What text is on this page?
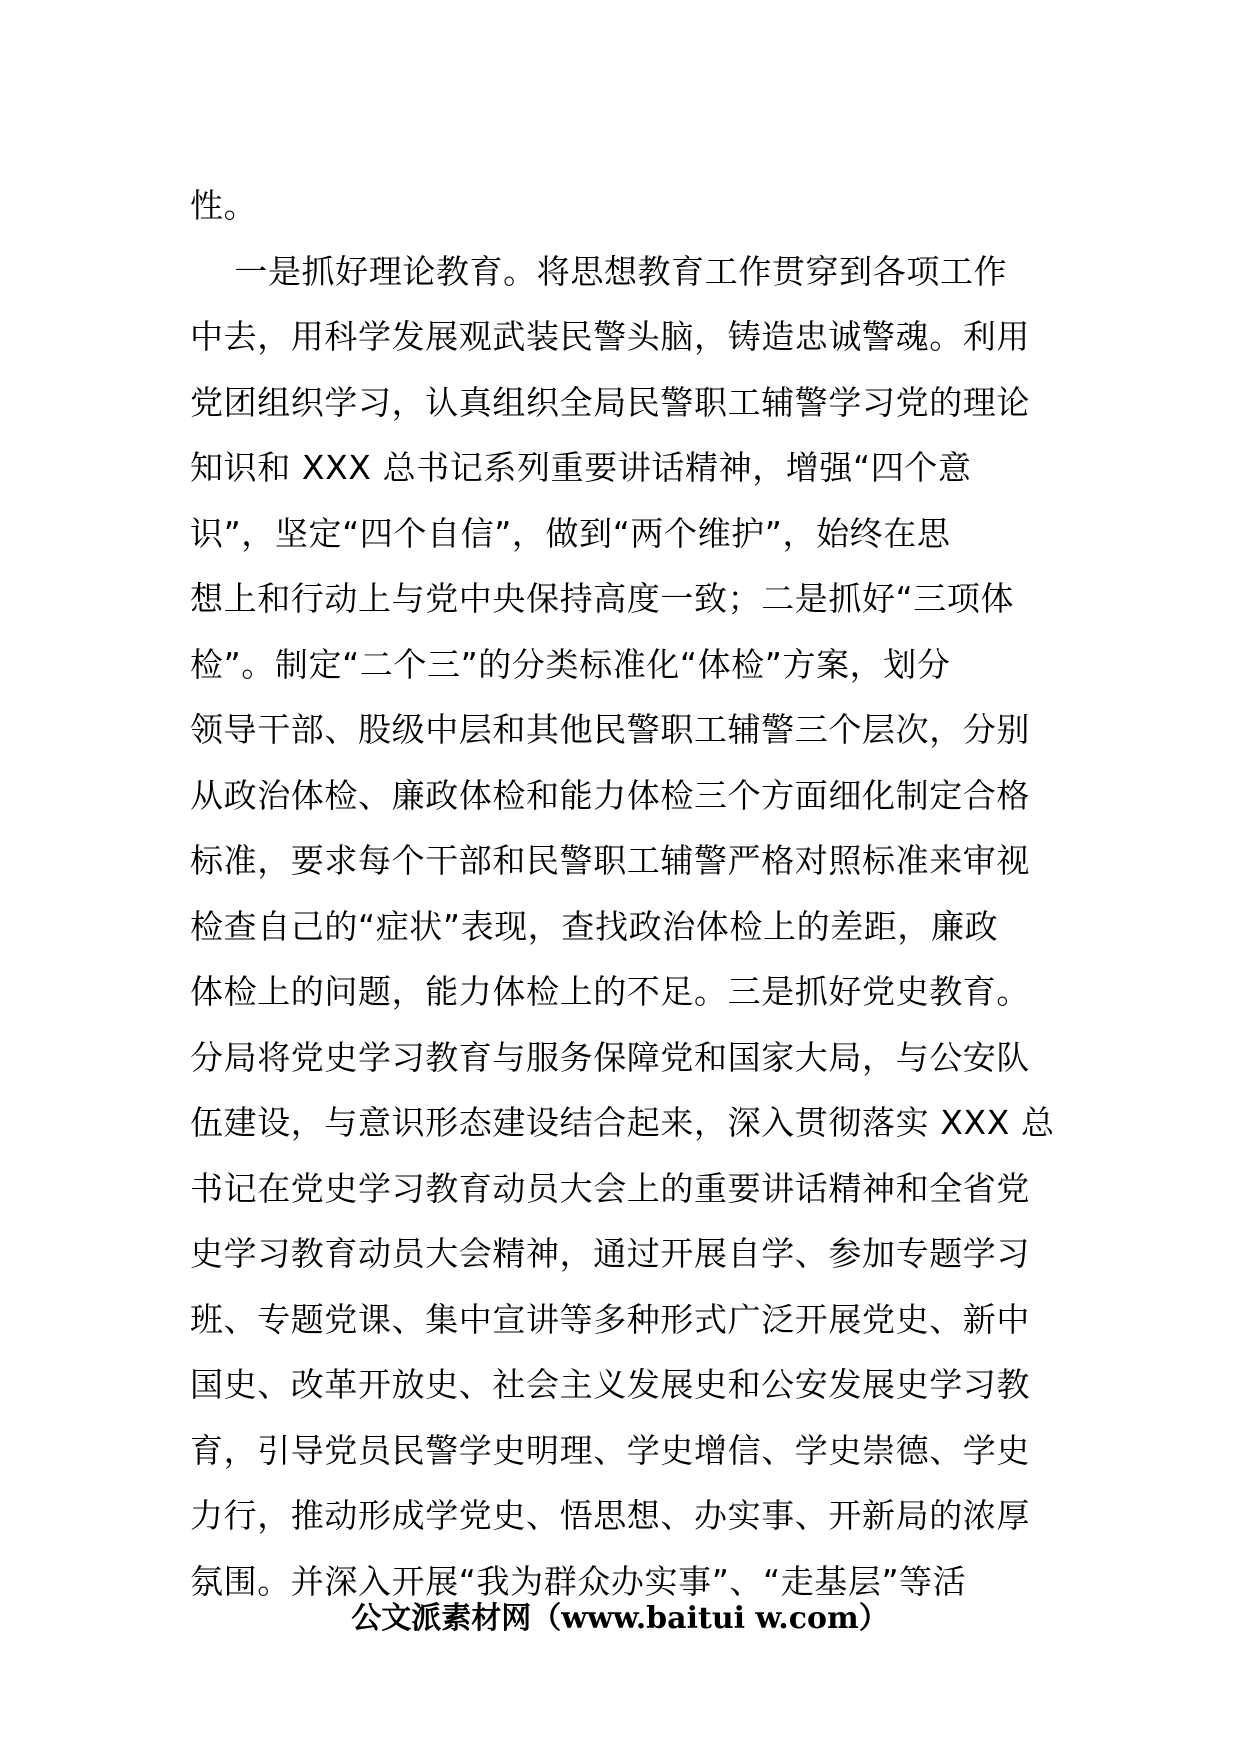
性。
一是抓好理论教育。将思想教育工作贯穿到各项工作
中去，用科学发展观武装民警头脑，铸造忠诚警魂。利用
党团组织学习，认真组织全局民警职工辅警学习党的理论
知识和 XXX 总书记系列重要讲话精神，增强“四个意
识”，坚定“四个自信”，做到“两个维护”，始终在思
想上和行动上与党中央保持高度一致；二是抓好“三项体
检”。制定“二个三”的分类标准化“体检”方案，划分
领导干部、股级中层和其他民警职工辅警三个层次，分别
从政治体检、廉政体检和能力体检三个方面细化制定合格
标准，要求每个干部和民警职工辅警严格对照标准来审视
检查自己的“症状”表现，查找政治体检上的差距，廉政
体检上的问题，能力体检上的不足。三是抓好党史教育。
分局将党史学习教育与服务保障党和国家大局，与公安队
伍建设，与意识形态建设结合起来，深入贯彻落实 XXX 总
书记在党史学习教育动员大会上的重要讲话精神和全省党
史学习教育动员大会精神，通过开展自学、参加专题学习
班、专题党课、集中宣讲等多种形式广泛开展党史、新中
国史、改革开放史、社会主义发展史和公安发展史学习教
育，引导党员民警学史明理、学史增信、学史崇德、学史
力行，推动形成学党史、悟思想、办实事、开新局的浓厚
氛围。并深入开展“我为群众办实事”、“走基层”等活
公文派素材网（www.baitui w.com）
